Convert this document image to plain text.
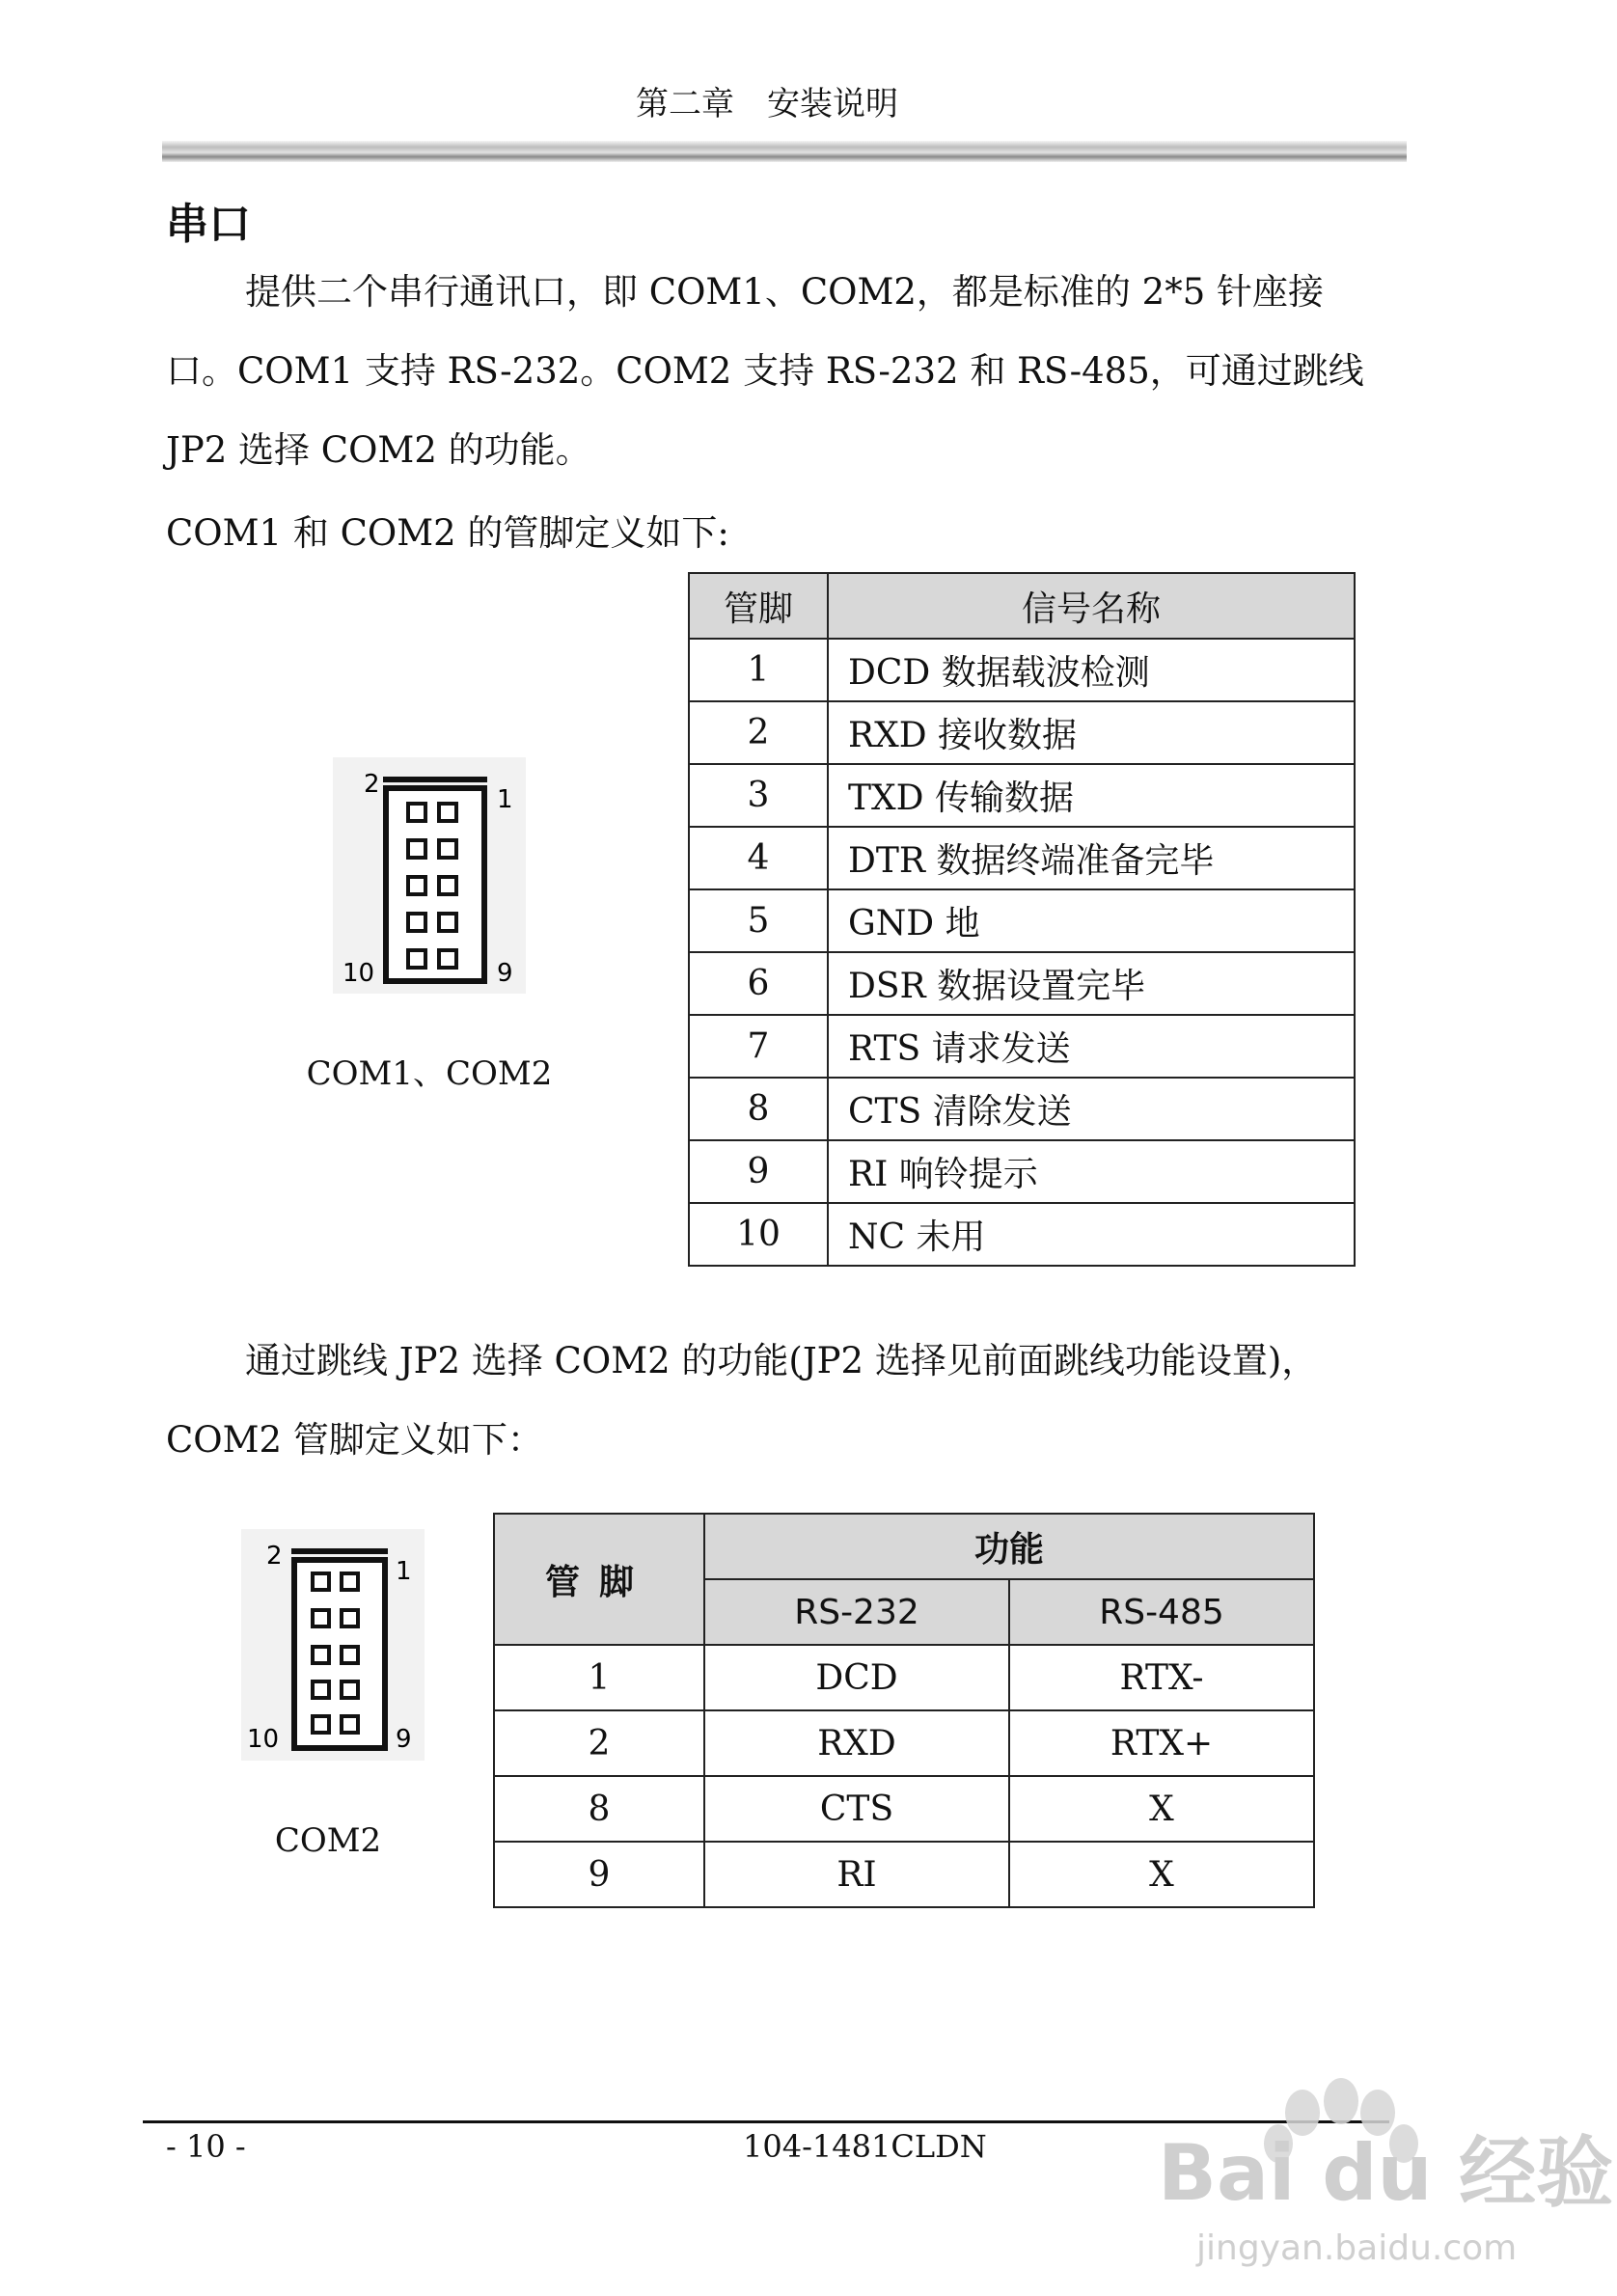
第二章　安装说明
串口
提供二个串行通讯口，即 COM1、COM2，都是标准的 2*5 针座接口。COM1 支持 RS-232。COM2 支持 RS-232 和 RS-485，可通过跳线 JP2 选择 COM2 的功能。
COM1 和 COM2 的管脚定义如下:
2
1
10	9
COM1、COM2
管脚	信号名称
1	DCD 数据载波检测
2	RXD 接收数据
3	TXD 传输数据
4	DTR 数据终端准备完毕
5	GND 地
6	DSR 数据设置完毕
7	RTS 请求发送
8	CTS 清除发送
9	RI 响铃提示
10	NC 未用
通过跳线 JP2 选择 COM2 的功能(JP2 选择见前面跳线功能设置)，COM2 管脚定义如下：
2
1
10	9
COM2
管脚	功能	
	RS-232	RS-485
1	DCD	RTX-
2	RXD	RTX+
8	CTS	X
9	RI	X
- 10 -	104-1481CLDN Bai du 经验
jingyan.baidu.com
